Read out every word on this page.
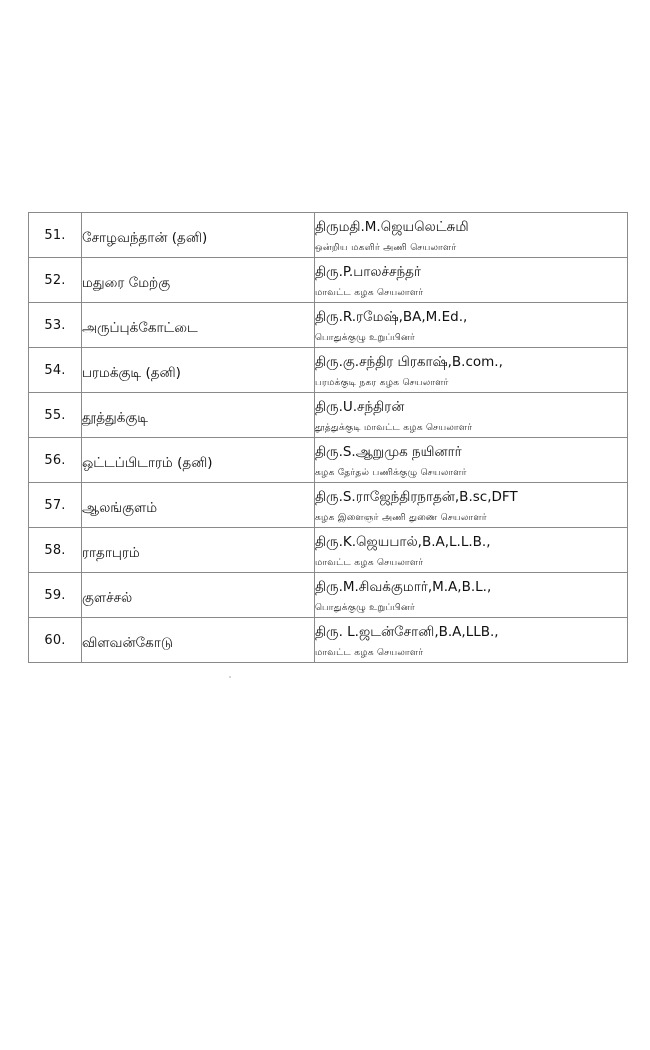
51.	சோழவந்தான் (தனி)	திருமதி.M.ஜெயலெட்சுமி
ஒன்றிய மகளிர் அணி செயலாளர்

52.	மதுரை மேற்கு	திரு.P.பாலச்சந்தர்
மாவட்ட கழக செயலாளர்

53.	அருப்புக்கோட்டை	திரு.R.ரமேஷ்,BA,M.Ed.,
பொதுக்குழு உறுப்பினர்

54.	பரமக்குடி (தனி)	திரு.கு.சந்திர பிரகாஷ்,B.com.,
பரமக்குடி நகர கழக செயலாளர்

55.	தூத்துக்குடி	திரு.U.சந்திரன்
தூத்துக்குடி மாவட்ட கழக செயலாளர்

56.	ஒட்டப்பிடாரம் (தனி)	திரு.S.ஆறுமுக நயினார்
கழக தேர்தல் பணிக்குழு செயலாளர்

57.	ஆலங்குளம்	திரு.S.ராஜேந்திரநாதன்,B.sc,DFT
கழக இளைஞர் அணி துணை செயலாளர்

58.	ராதாபுரம்	திரு.K.ஜெயபால்,B.A,L.L.B.,
மாவட்ட கழக செயலாளர்

59.	குளச்சல்	திரு.M.சிவக்குமார்,M.A,B.L.,
பொதுக்குழு உறுப்பினர்

60.	விளவன்கோடு	திரு. L.ஜடன்சோனி,B.A,LLB.,
மாவட்ட கழக செயலாளர்
